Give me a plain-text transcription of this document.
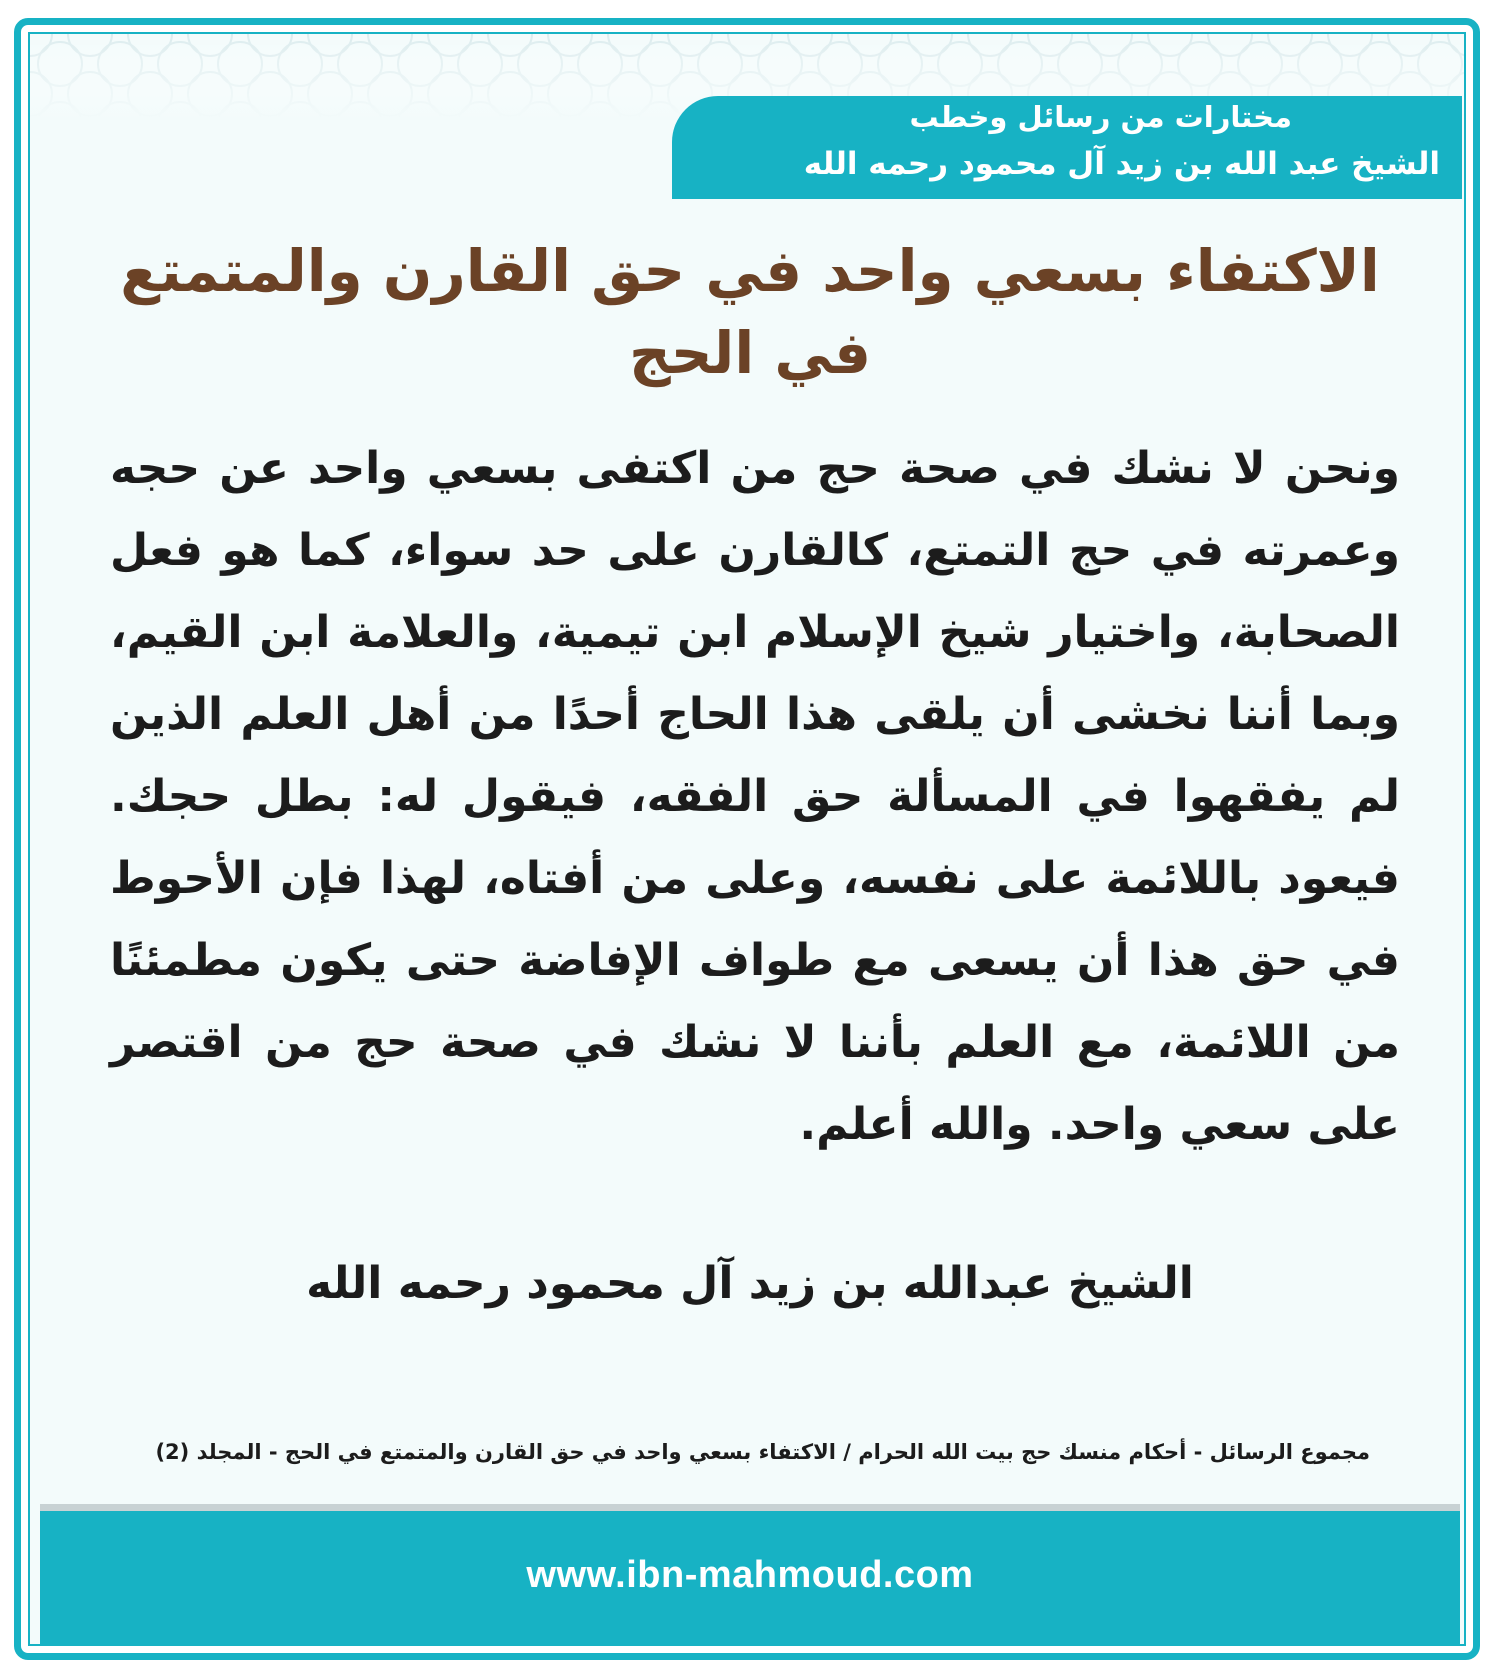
مختارات من رسائل وخطب
الشيخ عبد الله بن زيد آل محمود رحمه الله
الاكتفاء بسعي واحد في حق القارن والمتمتع في الحج
ونحن لا نشك في صحة حج من اكتفى بسعي واحد عن حجه وعمرته في حج التمتع، كالقارن على حد سواء، كما هو فعل الصحابة، واختيار شيخ الإسلام ابن تيمية، والعلامة ابن القيم، وبما أننا نخشى أن يلقى هذا الحاج أحدًا من أهل العلم الذين لم يفقهوا في المسألة حق الفقه، فيقول له: بطل حجك. فيعود باللائمة على نفسه، وعلى من أفتاه، لهذا فإن الأحوط في حق هذا أن يسعى مع طواف الإفاضة حتى يكون مطمئنًا من اللائمة، مع العلم بأننا لا نشك في صحة حج من اقتصر على سعي واحد. والله أعلم.
الشيخ عبدالله بن زيد آل محمود رحمه الله
مجموع الرسائل - أحكام منسك حج بيت الله الحرام / الاكتفاء بسعي واحد في حق القارن والمتمتع في الحج - المجلد (2)
www.ibn-mahmoud.com
